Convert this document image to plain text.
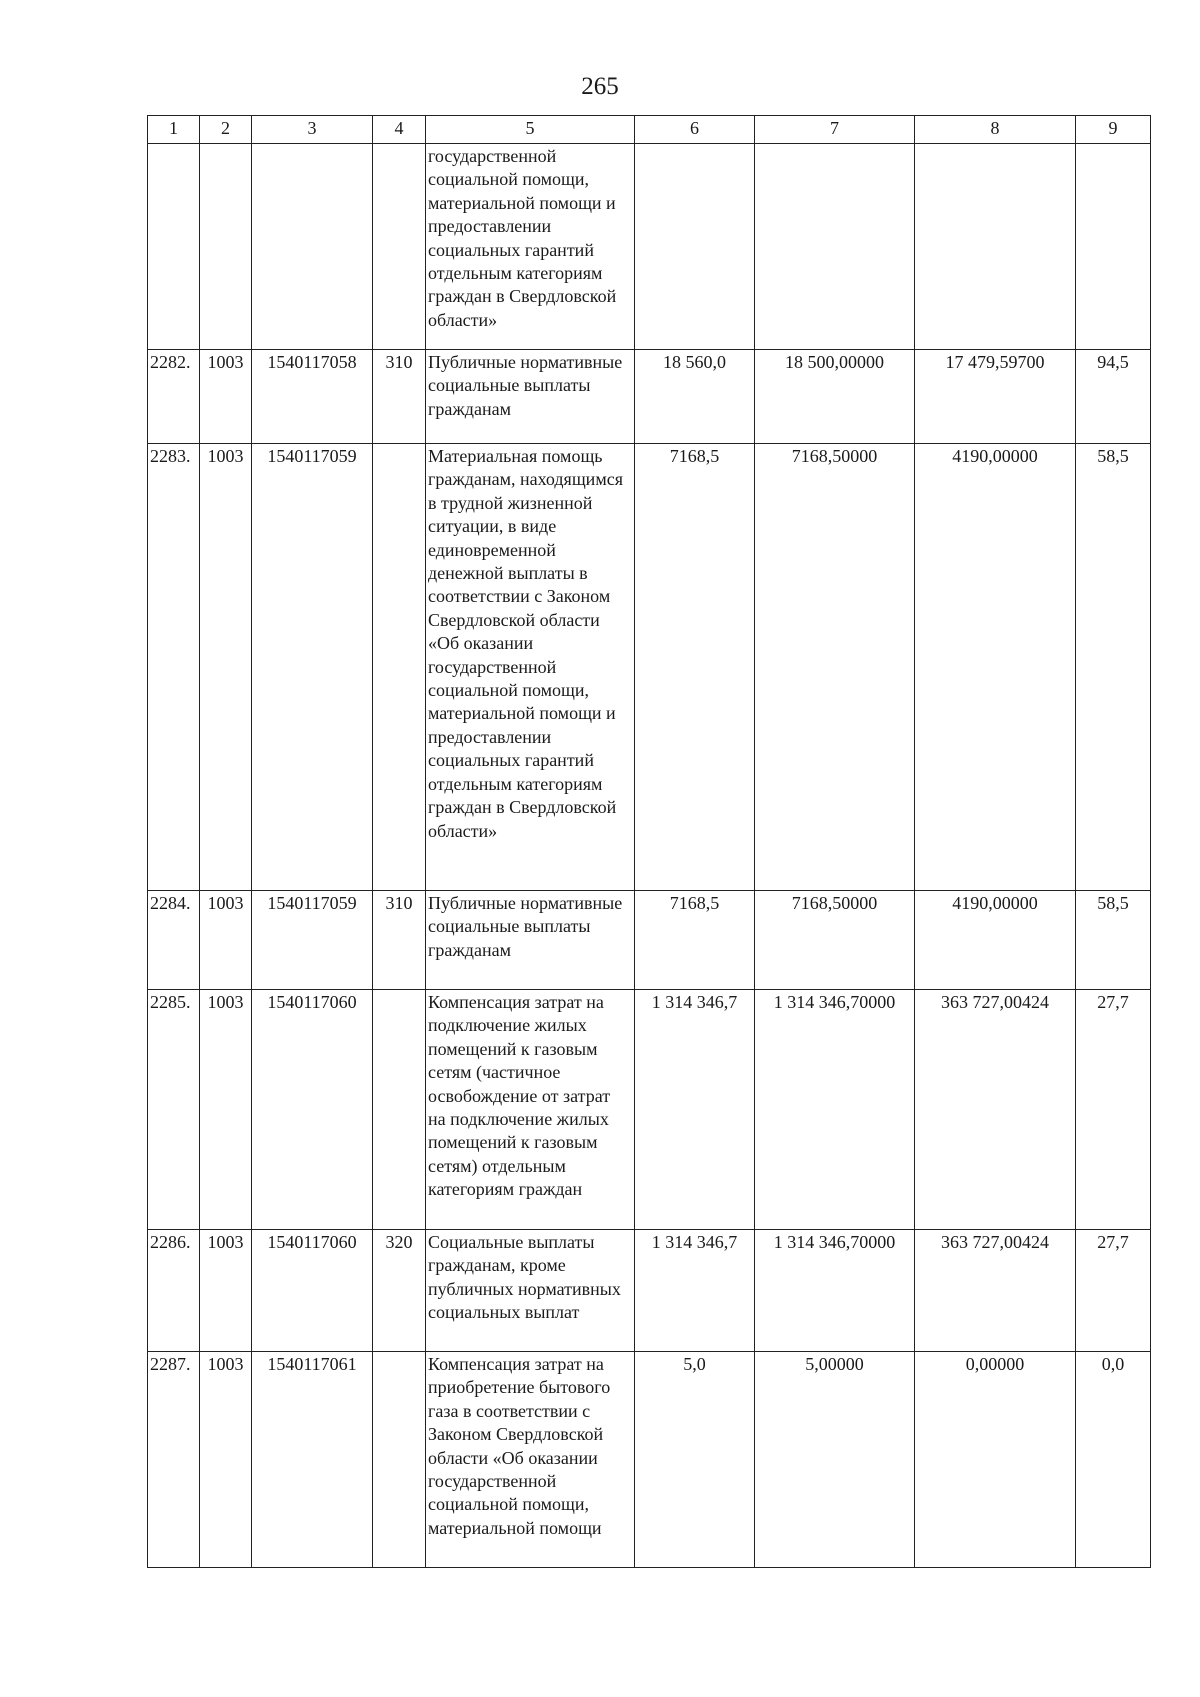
265
1	2	3	4	5	6	7	8	9
				государственной социальной помощи, материальной помощи и предоставлении социальных гарантий отдельным категориям граждан в Свердловской области»				
2282.	1003	1540117058	310	Публичные нормативные социальные выплаты гражданам	18 560,0	18 500,00000	17 479,59700	94,5
2283.	1003	1540117059		Материальная помощь гражданам, находящимся в трудной жизненной ситуации, в виде единовременной денежной выплаты в соответствии с Законом Свердловской области «Об оказании государственной социальной помощи, материальной помощи и предоставлении социальных гарантий отдельным категориям граждан в Свердловской области»	7168,5	7168,50000	4190,00000	58,5
2284.	1003	1540117059	310	Публичные нормативные социальные выплаты гражданам	7168,5	7168,50000	4190,00000	58,5
2285.	1003	1540117060		Компенсация затрат на подключение жилых помещений к газовым сетям (частичное освобождение от затрат на подключение жилых помещений к газовым сетям) отдельным категориям граждан	1 314 346,7	1 314 346,70000	363 727,00424	27,7
2286.	1003	1540117060	320	Социальные выплаты гражданам, кроме публичных нормативных социальных выплат	1 314 346,7	1 314 346,70000	363 727,00424	27,7
2287.	1003	1540117061		Компенсация затрат на приобретение бытового газа в соответствии с Законом Свердловской области «Об оказании государственной социальной помощи, материальной помощи	5,0	5,00000	0,00000	0,0
